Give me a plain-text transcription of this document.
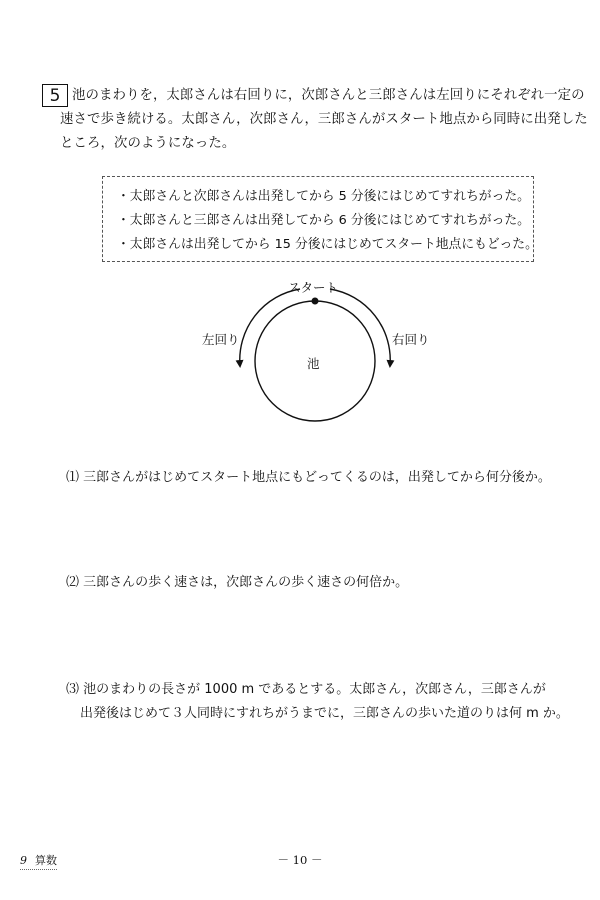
5 池のまわりを，太郎さんは右回りに，次郎さんと三郎さんは左回りにそれぞれ一定の
速さで歩き続ける。太郎さん，次郎さん，三郎さんがスタート地点から同時に出発した
ところ，次のようになった。
・太郎さんと次郎さんは出発してから 5 分後にはじめてすれちがった。
・太郎さんと三郎さんは出発してから 6 分後にはじめてすれちがった。
・太郎さんは出発してから 15 分後にはじめてスタート地点にもどった。
スタート
左回り	右回り
池
⑴ 三郎さんがはじめてスタート地点にもどってくるのは，出発してから何分後か。
⑵ 三郎さんの歩く速さは，次郎さんの歩く速さの何倍か。
⑶ 池のまわりの長さが 1000 m であるとする。太郎さん，次郎さん，三郎さんが
出発後はじめて３人同時にすれちがうまでに，三郎さんの歩いた道のりは何 m か。
9 算数	－ 10 －
